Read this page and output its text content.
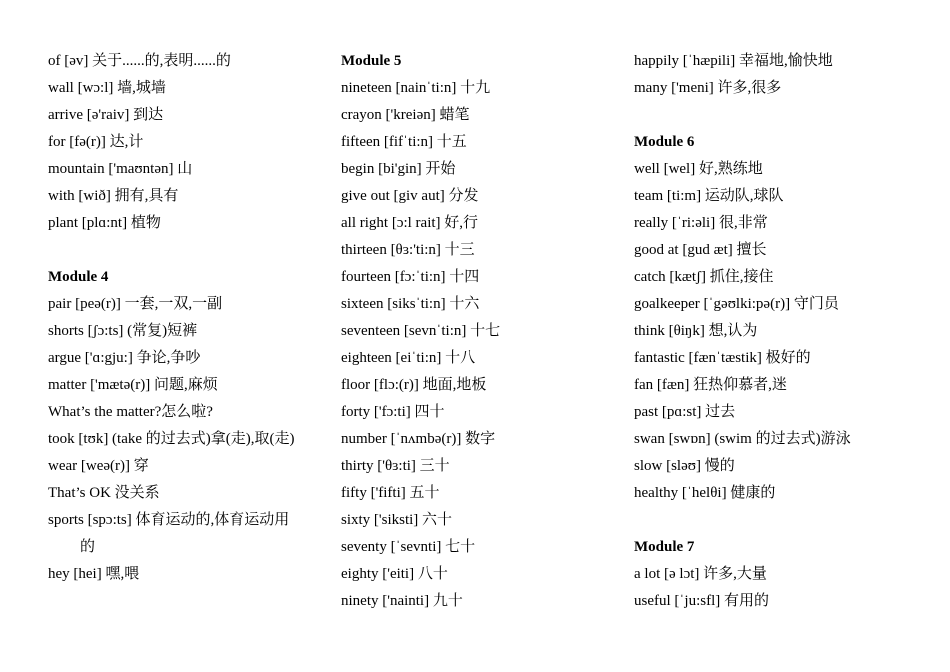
of [əv] 关于......的,表明......的
wall [wɔ:l] 墙,城墙
arrive [ə'raiv] 到达
for [fə(r)] 达,计
mountain ['maʊntən] 山
with [wið] 拥有,具有
plant [plɑ:nt] 植物
Module 4
pair [peə(r)] 一套,一双,一副
shorts [ʃɔ:ts] (常复)短裤
argue ['ɑ:gju:] 争论,争吵
matter ['mætə(r)] 问题,麻烦
What’s the matter?怎么啦?
took [tʊk] (take 的过去式)拿(走),取(走)
wear [weə(r)] 穿
That’s OK 没关系
sports [spɔ:ts] 体育运动的,体育运动用
的
hey [hei] 嘿,喂
Module 5
nineteen [nainˈti:n] 十九
crayon ['kreiən] 蜡笔
fifteen [fifˈti:n] 十五
begin [bi'gin] 开始
give out [giv aut] 分发
all right [ɔ:l rait] 好,行
thirteen [θɜ:'ti:n] 十三
fourteen [fɔ:ˈti:n] 十四
sixteen [siksˈti:n] 十六
seventeen [sevnˈti:n] 十七
eighteen [eiˈti:n] 十八
floor [flɔ:(r)] 地面,地板
forty ['fɔ:ti] 四十
number [ˈnʌmbə(r)] 数字
thirty ['θɜ:ti] 三十
fifty ['fifti] 五十
sixty ['siksti] 六十
seventy [ˈsevnti] 七十
eighty ['eiti] 八十
ninety ['nainti] 九十
happily [ˈhæpili] 幸福地,愉快地
many ['meni] 许多,很多
Module 6
well [wel] 好,熟练地
team [ti:m] 运动队,球队
really [ˈri:əli] 很,非常
good at [gud æt] 擅长
catch [kætʃ] 抓住,接住
goalkeeper [ˈgəʊlki:pə(r)] 守门员
think [θiŋk] 想,认为
fantastic [fænˈtæstik] 极好的
fan [fæn] 狂热仰慕者,迷
past [pɑ:st] 过去
swan [swɒn] (swim 的过去式)游泳
slow [sləʊ] 慢的
healthy [ˈhelθi] 健康的
Module 7
a lot [ə lɔt] 许多,大量
useful [ˈju:sfl] 有用的
